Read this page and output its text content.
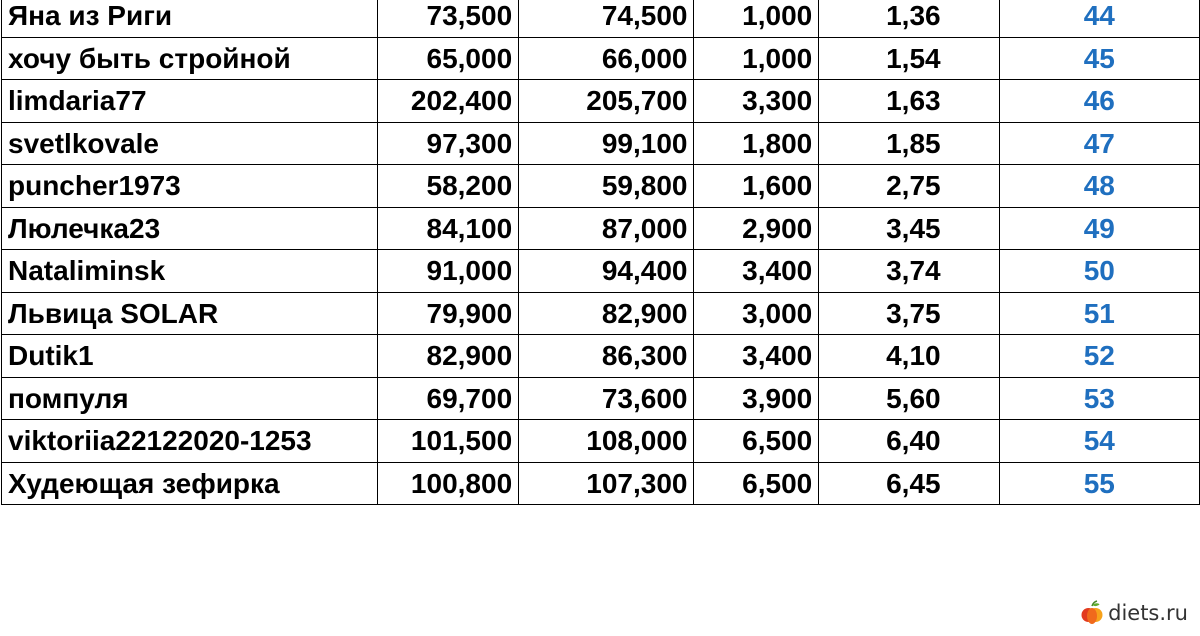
Яна из Риги	73,500	74,500	1,000	1,36	44
хочу быть стройной	65,000	66,000	1,000	1,54	45
limdaria77	202,400	205,700	3,300	1,63	46
svetlkovale	97,300	99,100	1,800	1,85	47
puncher1973	58,200	59,800	1,600	2,75	48
Люлечка23	84,100	87,000	2,900	3,45	49
Nataliminsk	91,000	94,400	3,400	3,74	50
Львица SOLAR	79,900	82,900	3,000	3,75	51
Dutik1	82,900	86,300	3,400	4,10	52
помпуля	69,700	73,600	3,900	5,60	53
viktoriia22122020-1253	101,500	108,000	6,500	6,40	54
Худеющая зефирка	100,800	107,300	6,500	6,45	55
diets.ru
